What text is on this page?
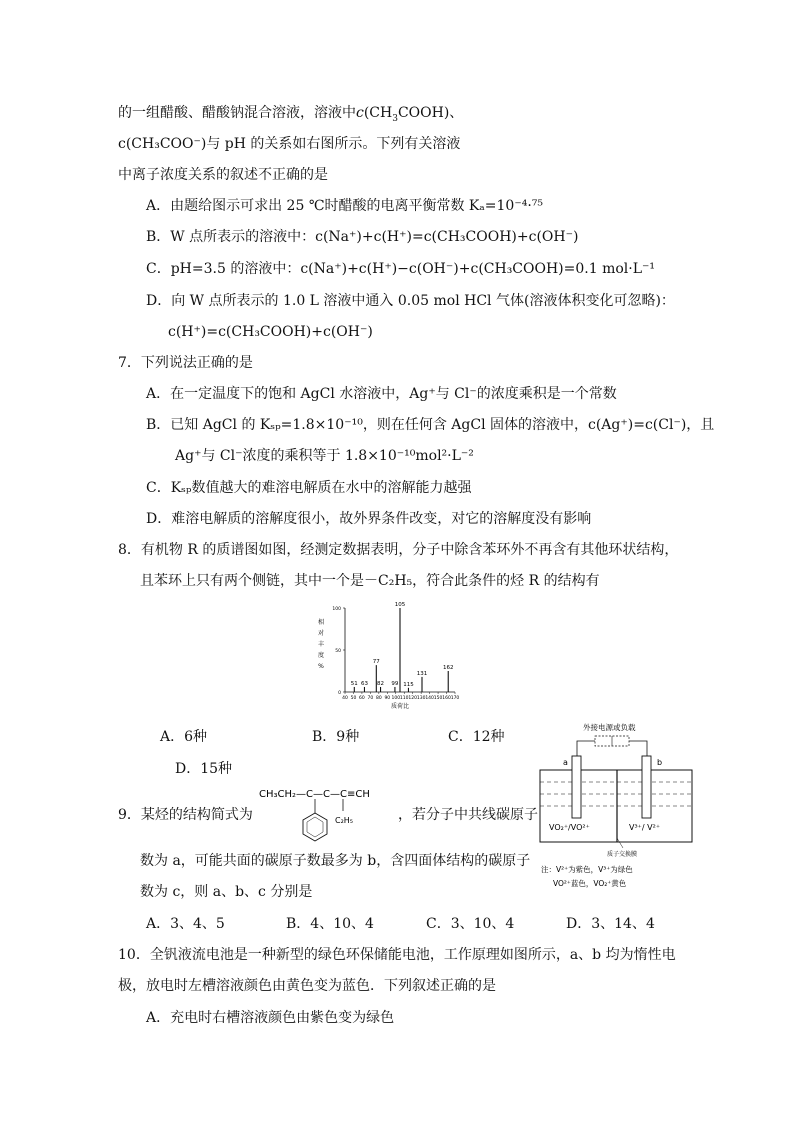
的一组醋酸、醋酸钠混合溶液，溶液中$c(CH_3COOH)$、
c(CH₃COO⁻)与 pH 的关系如右图所示。下列有关溶液
中离子浓度关系的叙述不正确的是
A．由题给图示可求出 25 ℃时醋酸的电离平衡常数 Kₐ=10⁻⁴·⁷⁵
B．W 点所表示的溶液中：c(Na⁺)+c(H⁺)=c(CH₃COOH)+c(OH⁻)
C．pH=3.5 的溶液中：c(Na⁺)+c(H⁺)−c(OH⁻)+c(CH₃COOH)=0.1 mol·L⁻¹
D．向 W 点所表示的 1.0 L 溶液中通入 0.05 mol HCl 气体(溶液体积变化可忽略)：
c(H⁺)=c(CH₃COOH)+c(OH⁻)
7．下列说法正确的是
A．在一定温度下的饱和 AgCl 水溶液中，Ag⁺与 Cl⁻的浓度乘积是一个常数
B．已知 AgCl 的 Kₛₚ=1.8×10⁻¹⁰，则在任何含 AgCl 固体的溶液中，c(Ag⁺)=c(Cl⁻)，且
Ag⁺与 Cl⁻浓度的乘积等于 1.8×10⁻¹⁰mol²·L⁻²
C．Kₛₚ数值越大的难溶电解质在水中的溶解能力越强
D．难溶电解质的溶解度很小，故外界条件改变，对它的溶解度没有影响
8．有机物 R 的质谱图如图，经测定数据表明，分子中除含苯环外不再含有其他环状结构，
且苯环上只有两个侧链，其中一个是－C₂H₅，符合此条件的烃 R 的结构有
0
50
100
40 50 60 70 80 90 100 110 120 130 140 150 160 170
相
对
丰
度
%
质荷比
51 63
77
82 99
105
115
131
162
A．6种	B．9种	C．12种
D．15种
CH₃CH₂—C—C—C≡CH
C₂H₅
9．某烃的结构简式为	，若分子中共线碳原子
数为 a，可能共面的碳原子数最多为 b，含四面体结构的碳原子
数为 c，则 a、b、c 分别是
A．3、4、5	B．4、10、4	C．3、10、4	D．3、14、4
10．全钒液流电池是一种新型的绿色环保储能电池，工作原理如图所示，a、b 均为惰性电
极，放电时左槽溶液颜色由黄色变为蓝色．下列叙述正确的是
A．充电时右槽溶液颜色由紫色变为绿色
外接电源或负载
a	b
VO₂⁺/VO²⁺	V³⁺/ V²⁺
质子交换膜
注：V²⁺为紫色，V³⁺为绿色
VO²⁺蓝色，VO₂⁺黄色
